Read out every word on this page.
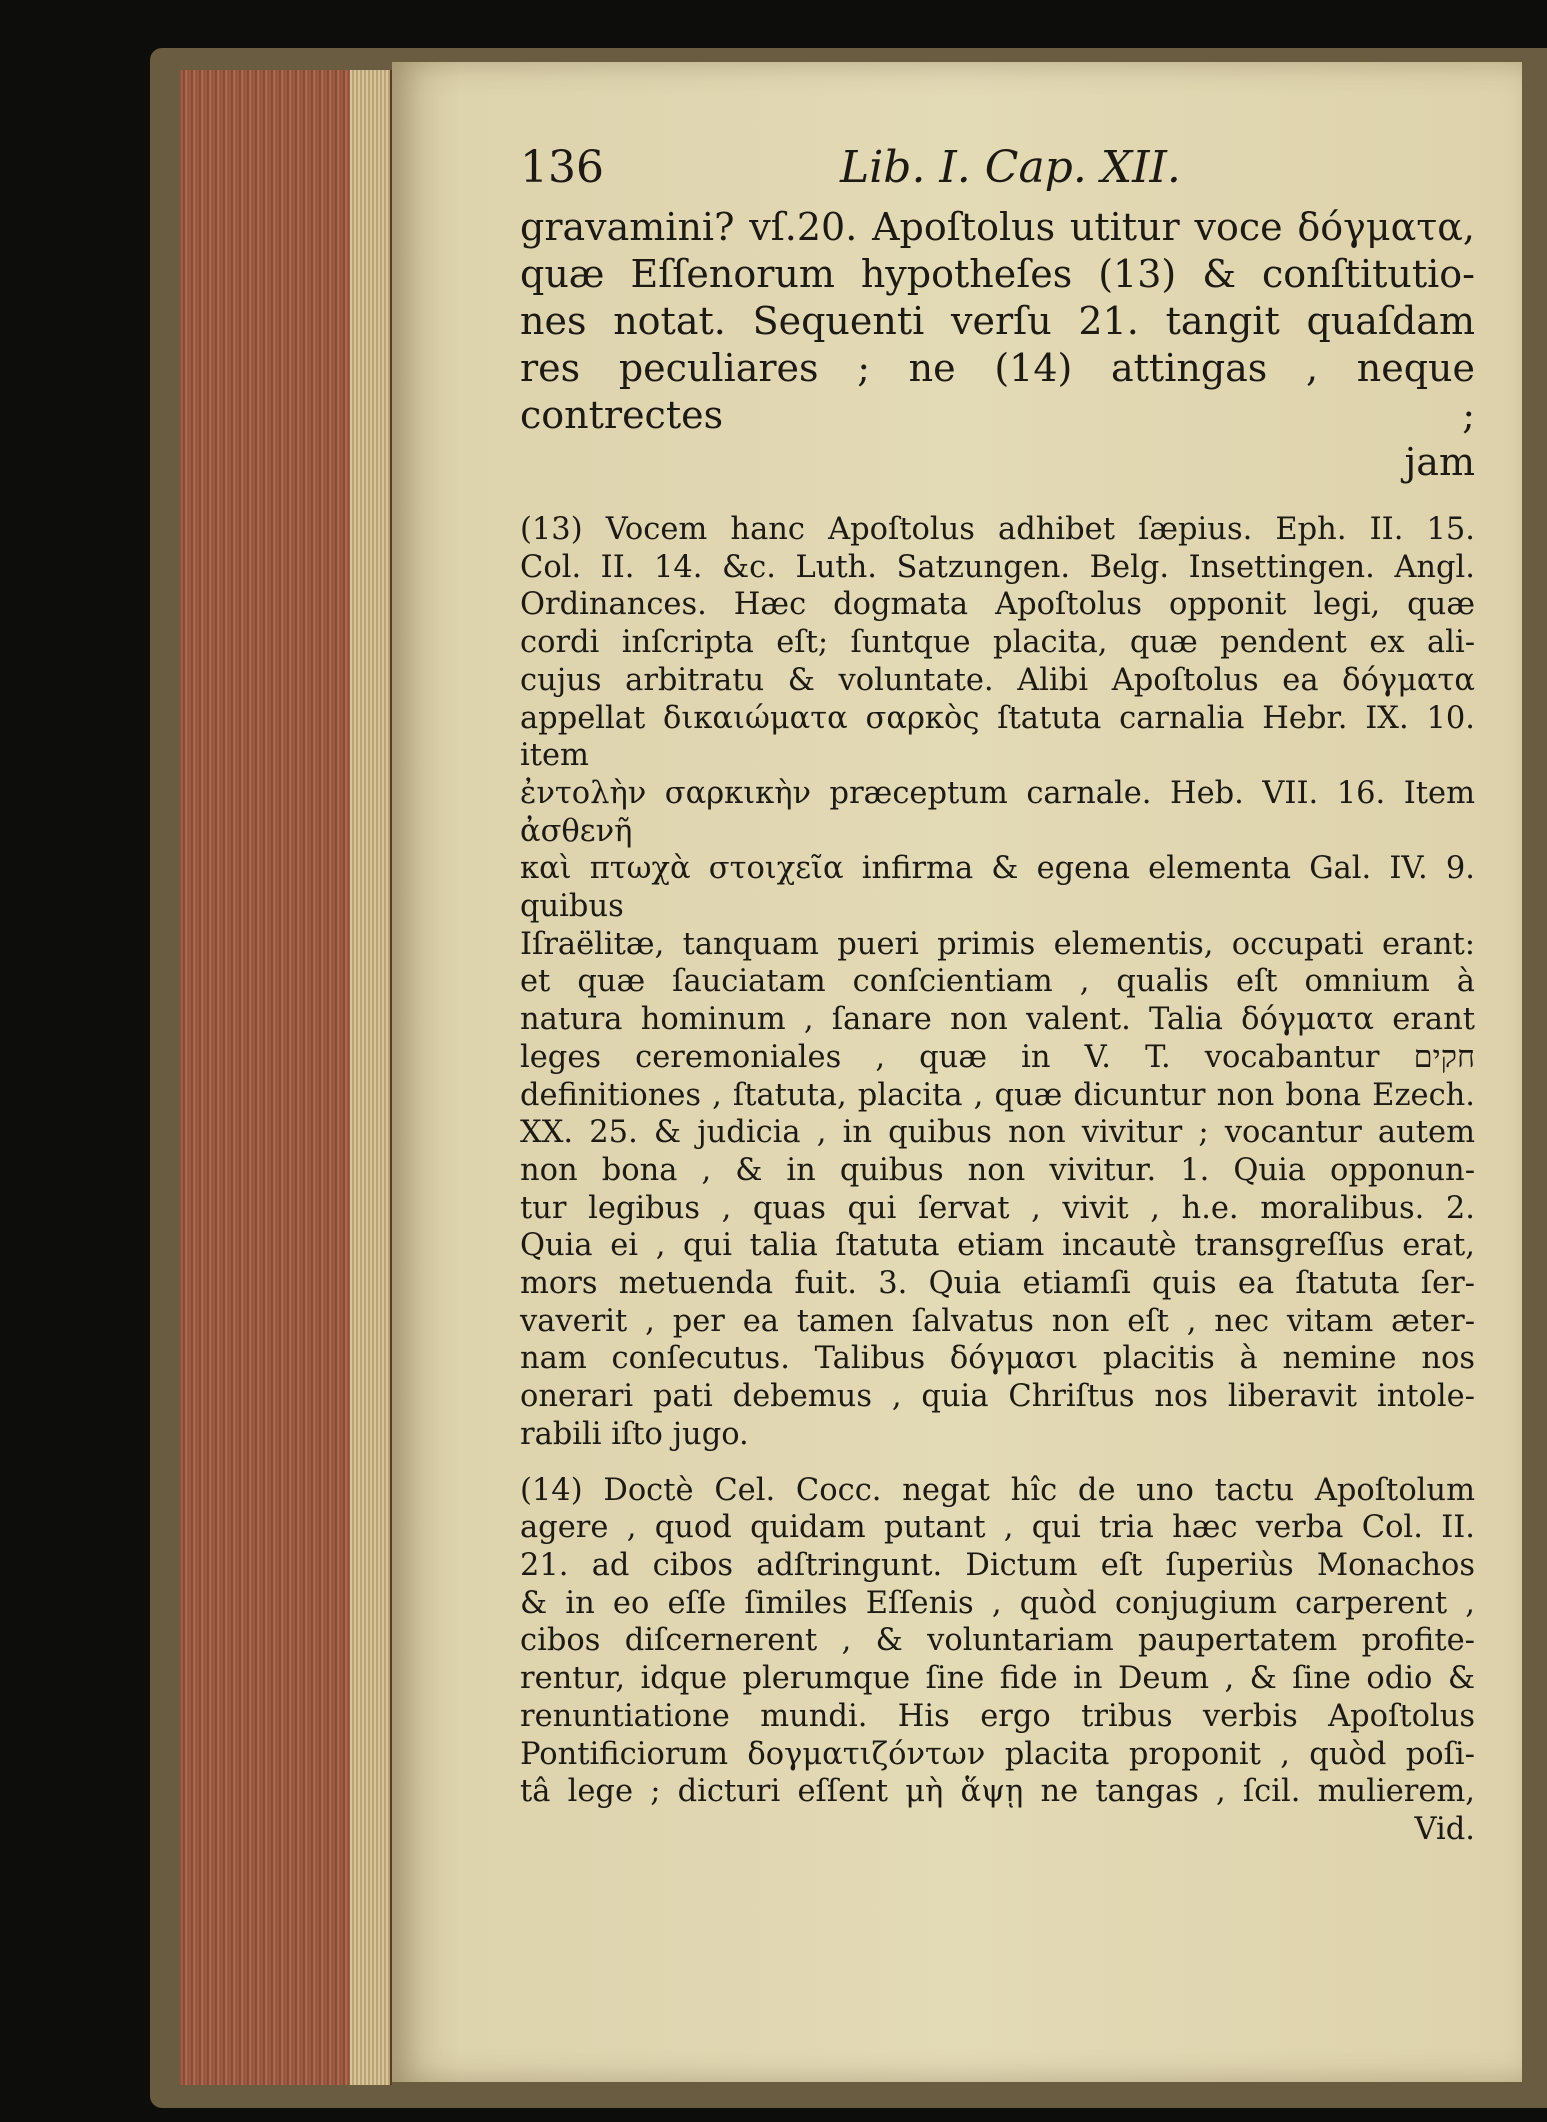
136	Lib. I. Cap. XII.

gravamini? vſ.20. Apoſtolus utitur voce δόγματα,

quæ Eſſenorum hypotheſes (13) & conſtitutio-

nes notat. Sequenti verſu 21. tangit quaſdam

res peculiares ; ne (14) attingas , neque contrectes ;

jam

(13) Vocem hanc Apoſtolus adhibet ſæpius. Eph. II. 15.

Col. II. 14. &c. Luth. Satzungen. Belg. Insettingen. Angl.

Ordinances. Hæc dogmata Apoſtolus opponit legi, quæ

cordi inſcripta eſt; ſuntque placita, quæ pendent ex ali-

cujus arbitratu & voluntate. Alibi Apoſtolus ea δόγματα

appellat δικαιώματα σαρκὸς ſtatuta carnalia Hebr. IX. 10. item

ἐντολὴν σαρκικὴν præceptum carnale. Heb. VII. 16. Item ἀσθενῆ

καὶ πτωχὰ στοιχεῖα infirma & egena elementa Gal. IV. 9. quibus

Iſraëlitæ, tanquam pueri primis elementis, occupati erant:

et quæ ſauciatam conſcientiam , qualis eſt omnium à

natura hominum , ſanare non valent. Talia δόγματα erant

leges ceremoniales , quæ in V. T. vocabantur חקים

definitiones , ſtatuta, placita , quæ dicuntur non bona Ezech.

XX. 25. & judicia , in quibus non vivitur ; vocantur autem

non bona , & in quibus non vivitur. 1. Quia opponun-

tur legibus , quas qui ſervat , vivit , h.e. moralibus. 2.

Quia ei , qui talia ſtatuta etiam incautè transgreſſus erat,

mors metuenda fuit. 3. Quia etiamſi quis ea ſtatuta ſer-

vaverit , per ea tamen ſalvatus non eſt , nec vitam æter-

nam conſecutus. Talibus δόγμασι placitis à nemine nos

onerari pati debemus , quia Chriſtus nos liberavit intole-

rabili iſto jugo.

(14) Doctè Cel. Cocc. negat hîc de uno tactu Apoſtolum

agere , quod quidam putant , qui tria hæc verba Col. II.

21. ad cibos adſtringunt. Dictum eſt ſuperiùs Monachos

& in eo eſſe ſimiles Eſſenis , quòd conjugium carperent ,

cibos diſcernerent , & voluntariam paupertatem profite-

rentur, idque plerumque ſine fide in Deum , & ſine odio &

renuntiatione mundi. His ergo tribus verbis Apoſtolus

Pontificiorum δογματιζόντων placita proponit , quòd poſi-

tâ lege ; dicturi eſſent μὴ ἅψῃ ne tangas , ſcil. mulierem,

Vid.
